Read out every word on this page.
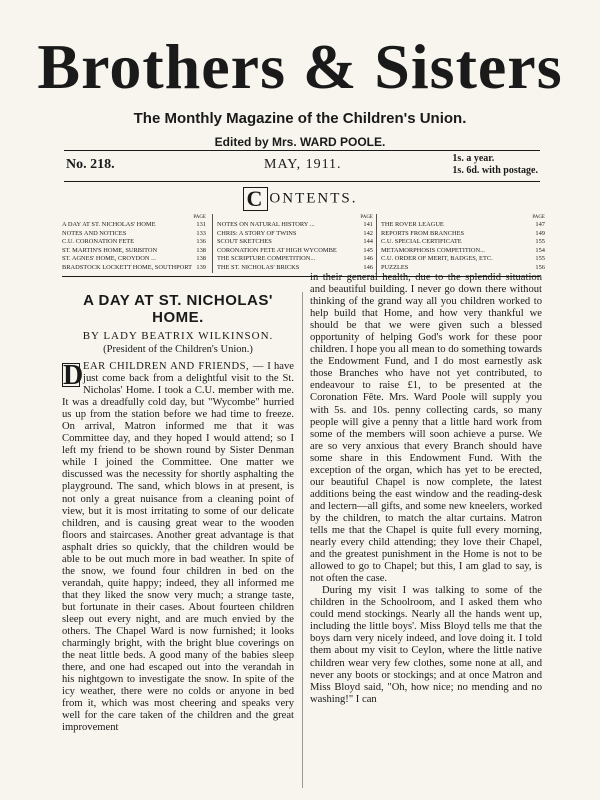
Brothers & Sisters
The Monthly Magazine of the Children's Union.
Edited by Mrs. WARD POOLE.
No. 218.	MAY, 1911.	1s. a year.
1s. 6d. with postage.
C ONTENTS.
PAGE
A DAY AT ST. NICHOLAS' HOME	131
NOTES AND NOTICES	133
C.U. CORONATION FETE	136
ST. MARTIN'S HOME, SURBITON	138
ST. AGNES' HOME, CROYDON ...	138
BRADSTOCK LOCKETT HOME, SOUTHPORT 139
PAGE
NOTES ON NATURAL HISTORY ...	141
CHRIS: A STORY OF TWINS	142
SCOUT SKETCHES	144
CORONATION FETE AT HIGH WYCOMBE	145
THE SCRIPTURE COMPETITION...	146
THE ST. NICHOLAS' BRICKS	146
PAGE
THE ROVER LEAGUE	147
REPORTS FROM BRANCHES	149
C.U. SPECIAL CERTIFICATE	155
METAMORPHOSIS COMPETITION...	154
C.U. ORDER OF MERIT, BADGES, ETC.	155
PUZZLES	156
A DAY AT ST. NICHOLAS' HOME.
BY LADY BEATRIX WILKINSON.
(President of the Children's Union.)

D EAR CHILDREN AND FRIENDS, — I have just come back from a delightful visit to the St. Nicholas' Home. I took a C.U. member with me. It was a dreadfully cold day, but "Wycombe" hurried us up from the station before we had time to freeze. On arrival, Matron informed me that it was Committee day, and they hoped I would attend; so I left my friend to be shown round by Sister Denman while I joined the Committee. One matter we discussed was the necessity for shortly asphalting the playground. The sand, which blows in at present, is not only a great nuisance from a cleaning point of view, but it is most irritating to some of our delicate children, and is causing great wear to the wooden floors and staircases. Another great advantage is that asphalt dries so quickly, that the children would be able to be out much more in bad weather. In spite of the snow, we found four children in bed on the verandah, quite happy; indeed, they all informed me that they liked the snow very much; a strange taste, but fortunate in their cases. About fourteen children sleep out every night, and are much envied by the others. The Chapel Ward is now furnished; it looks charmingly bright, with the bright blue coverings on the neat little beds. A good many of the babies sleep there, and one had escaped out into the verandah in his nightgown to investigate the snow. In spite of the icy weather, there were no colds or anyone in bed from it, which was most cheering and speaks very well for the care taken of the children and the great improvement

in their general health, due to the splendid situation and beautiful building. I never go down there without thinking of the grand way all you children worked to help build that Home, and how very thankful we should be that we were given such a blessed opportunity of helping God's work for these poor children. I hope you all mean to do something towards the Endowment Fund, and I do most earnestly ask those Branches who have not yet contributed, to endeavour to raise £1, to be presented at the Coronation Fête. Mrs. Ward Poole will supply you with 5s. and 10s. penny collecting cards, so many people will give a penny that a little hard work from some of the members will soon achieve a purse. We are so very anxious that every Branch should have some share in this Endowment Fund. With the exception of the organ, which has yet to be erected, our beautiful Chapel is now complete, the latest additions being the east window and the reading-desk and lectern—all gifts, and some new kneelers, worked by the children, to match the altar curtains. Matron tells me that the Chapel is quite full every morning, nearly every child attending; they love their Chapel, and the greatest punishment in the Home is not to be allowed to go to Chapel; but this, I am glad to say, is not often the case.

During my visit I was talking to some of the children in the Schoolroom, and I asked them who could mend stockings. Nearly all the hands went up, including the little boys'. Miss Bloyd tells me that the boys darn very nicely indeed, and love doing it. I told them about my visit to Ceylon, where the little native children wear very few clothes, some none at all, and never any boots or stockings; and at once Matron and Miss Bloyd said, "Oh, how nice; no mending and no washing!" I can
